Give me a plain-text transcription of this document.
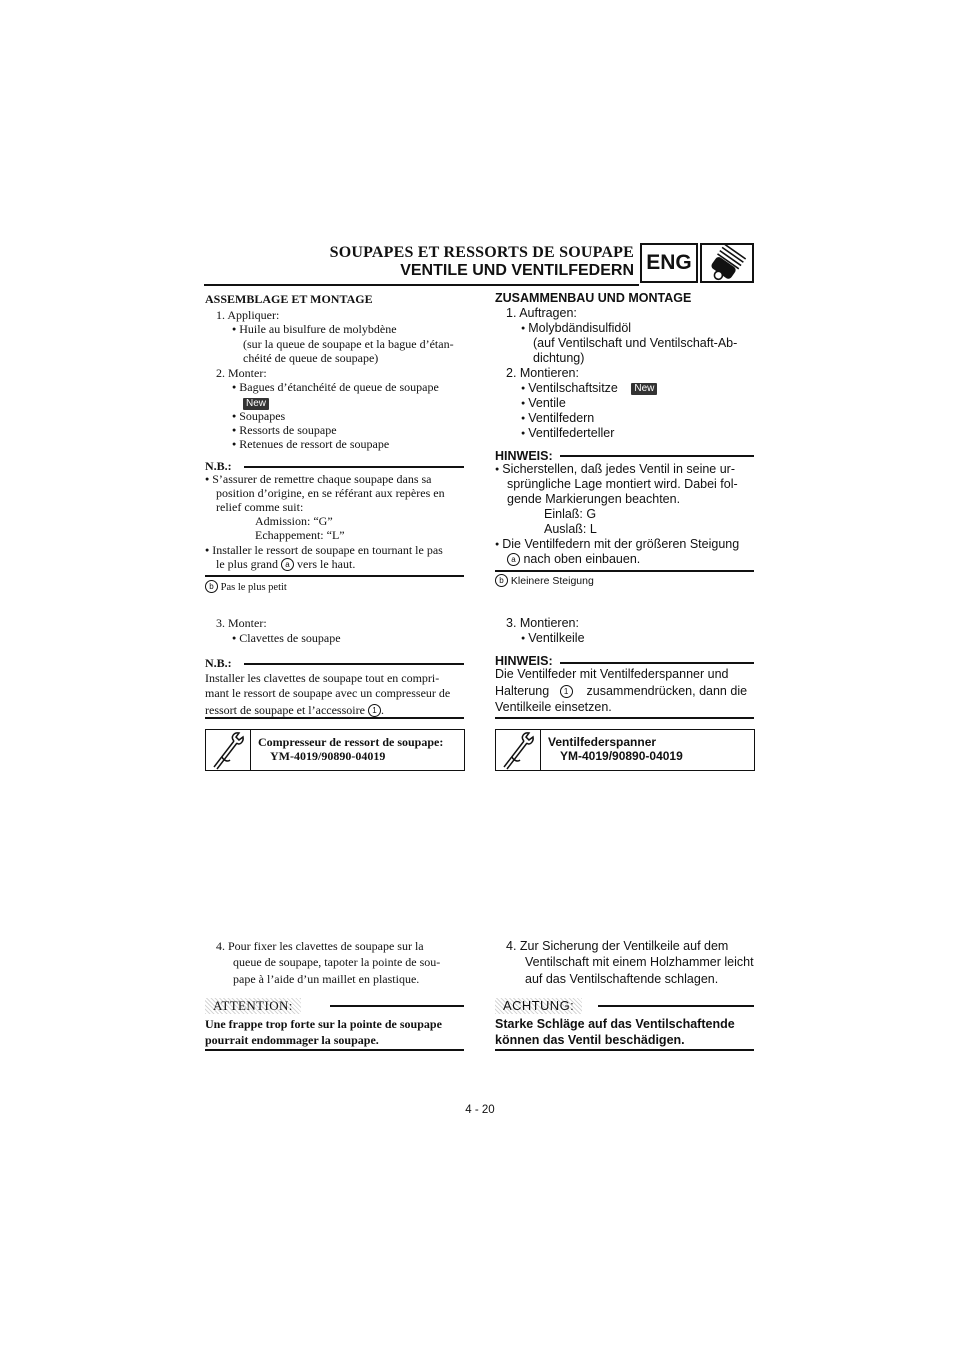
SOUPAPES ET RESSORTS DE SOUPAPE
VENTILE UND VENTILFEDERN ENG
ASSEMBLAGE ET MONTAGE
1. Appliquer:
● Huile au bisulfure de molybdène
(sur la queue de soupape et la bague d’étan-
chéité de queue de soupape)
2. Monter:
● Bagues d’étanchéité de queue de soupape
New
● Soupapes
● Ressorts de soupape
● Retenues de ressort de soupape
N.B.:
● S’assurer de remettre chaque soupape dans sa
position d’origine, en se référant aux repères en
relief comme suit:
Admission: “G”
Echappement: “L”
● Installer le ressort de soupape en tournant le pas
le plus grand a vers le haut.
b Pas le plus petit
3. Monter:
● Clavettes de soupape
N.B.:
Installer les clavettes de soupape tout en compri-
mant le ressort de soupape avec un compresseur de
ressort de soupape et l’accessoire 1 .
Compresseur de ressort de soupape:
YM-4019/90890-04019
4. Pour fixer les clavettes de soupape sur la
queue de soupape, tapoter la pointe de sou-
pape à l’aide d’un maillet en plastique.
ATTENTION:
Une frappe trop forte sur la pointe de soupape
pourrait endommager la soupape.
ZUSAMMENBAU UND MONTAGE
1. Auftragen:
● Molybdändisulfidöl
(auf Ventilschaft und Ventilschaft-Ab-
dichtung)
2. Montieren:
● Ventilschaftsitze New
● Ventile
● Ventilfedern
● Ventilfederteller
HINWEIS:
● Sicherstellen, daß jedes Ventil in seine ur-
sprüngliche Lage montiert wird. Dabei fol-
gende Markierungen beachten.
Einlaß: G
Auslaß: L
● Die Ventilfedern mit der größeren Steigung
a nach oben einbauen.
b Kleinere Steigung
3. Montieren:
● Ventilkeile
HINWEIS:
Die Ventilfeder mit Ventilfederspanner und
Halterung 1 zusammendrücken, dann die
Ventilkeile einsetzen.
Ventilfederspanner
YM-4019/90890-04019
4. Zur Sicherung der Ventilkeile auf dem
Ventilschaft mit einem Holzhammer leicht
auf das Ventilschaftende schlagen.
ACHTUNG:
Starke Schläge auf das Ventilschaftende
können das Ventil beschädigen.
4 - 20
